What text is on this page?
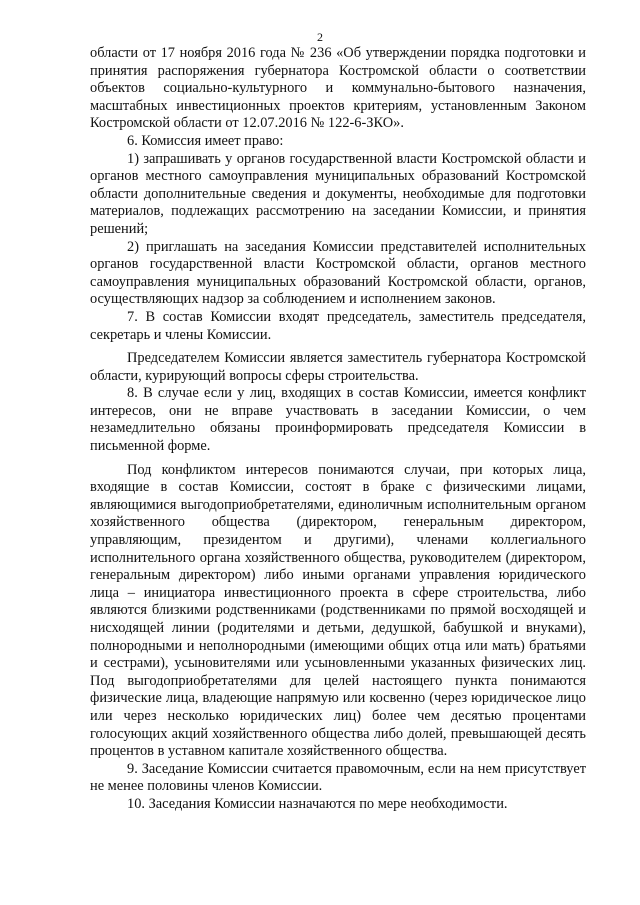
2

области от 17 ноября 2016 года № 236 «Об утверждении порядка подготовки и принятия распоряжения губернатора Костромской области о соответствии объектов социально-культурного и коммунально-бытового назначения, масштабных инвестиционных проектов критериям, установленным Законом Костромской области от 12.07.2016 № 122-6-ЗКО».

6. Комиссия имеет право:

1) запрашивать у органов государственной власти Костромской области и органов местного самоуправления муниципальных образований Костромской области дополнительные сведения и документы, необходимые для подготовки материалов, подлежащих рассмотрению на заседании Комиссии, и принятия решений;

2) приглашать на заседания Комиссии представителей исполнительных органов государственной власти Костромской области, органов местного самоуправления муниципальных образований Костромской области, органов, осуществляющих надзор за соблюдением и исполнением законов.

7. В состав Комиссии входят председатель, заместитель председателя, секретарь и члены Комиссии.

Председателем Комиссии является заместитель губернатора Костромской области, курирующий вопросы сферы строительства.

8. В случае если у лиц, входящих в состав Комиссии, имеется конфликт интересов, они не вправе участвовать в заседании Комиссии, о чем незамедлительно обязаны проинформировать председателя Комиссии в письменной форме.

Под конфликтом интересов понимаются случаи, при которых лица, входящие в состав Комиссии, состоят в браке с физическими лицами, являющимися выгодоприобретателями, единоличным исполнительным органом хозяйственного общества (директором, генеральным директором, управляющим, президентом и другими), членами коллегиального исполнительного органа хозяйственного общества, руководителем (директором, генеральным директором) либо иными органами управления юридического лица – инициатора инвестиционного проекта в сфере строительства, либо являются близкими родственниками (родственниками по прямой восходящей и нисходящей линии (родителями и детьми, дедушкой, бабушкой и внуками), полнородными и неполнородными (имеющими общих отца или мать) братьями и сестрами), усыновителями или усыновленными указанных физических лиц. Под выгодоприобретателями для целей настоящего пункта понимаются физические лица, владеющие напрямую или косвенно (через юридическое лицо или через несколько юридических лиц) более чем десятью процентами голосующих акций хозяйственного общества либо долей, превышающей десять процентов в уставном капитале хозяйственного общества.

9. Заседание Комиссии считается правомочным, если на нем присутствует не менее половины членов Комиссии.

10. Заседания Комиссии назначаются по мере необходимости.
